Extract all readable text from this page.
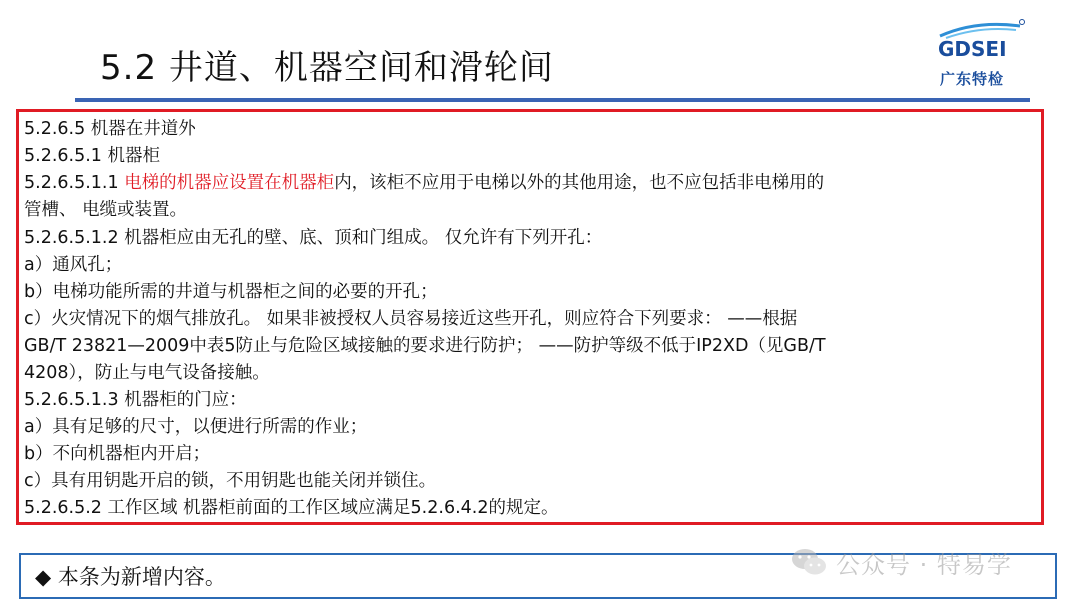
5.2 井道、机器空间和滑轮间	GDSEI
广东特检
5.2.6.5 机器在井道外
5.2.6.5.1 机器柜
5.2.6.5.1.1 电梯的机器应设置在机器柜内，该柜不应用于电梯以外的其他用途，也不应包括非电梯用的
管槽、 电缆或装置。
5.2.6.5.1.2 机器柜应由无孔的壁、底、顶和门组成。 仅允许有下列开孔：
a）通风孔；
b）电梯功能所需的井道与机器柜之间的必要的开孔；
c）火灾情况下的烟气排放孔。 如果非被授权人员容易接近这些开孔，则应符合下列要求： ——根据
GB/T 23821—2009中表5防止与危险区域接触的要求进行防护； ——防护等级不低于IP2XD（见GB/T
4208），防止与电气设备接触。
5.2.6.5.1.3 机器柜的门应：
a）具有足够的尺寸，以便进行所需的作业；
b）不向机器柜内开启；
c）具有用钥匙开启的锁，不用钥匙也能关闭并锁住。
5.2.6.5.2 工作区域 机器柜前面的工作区域应满足5.2.6.4.2的规定。
◆ 本条为新增内容。	公众号 · 特易学
